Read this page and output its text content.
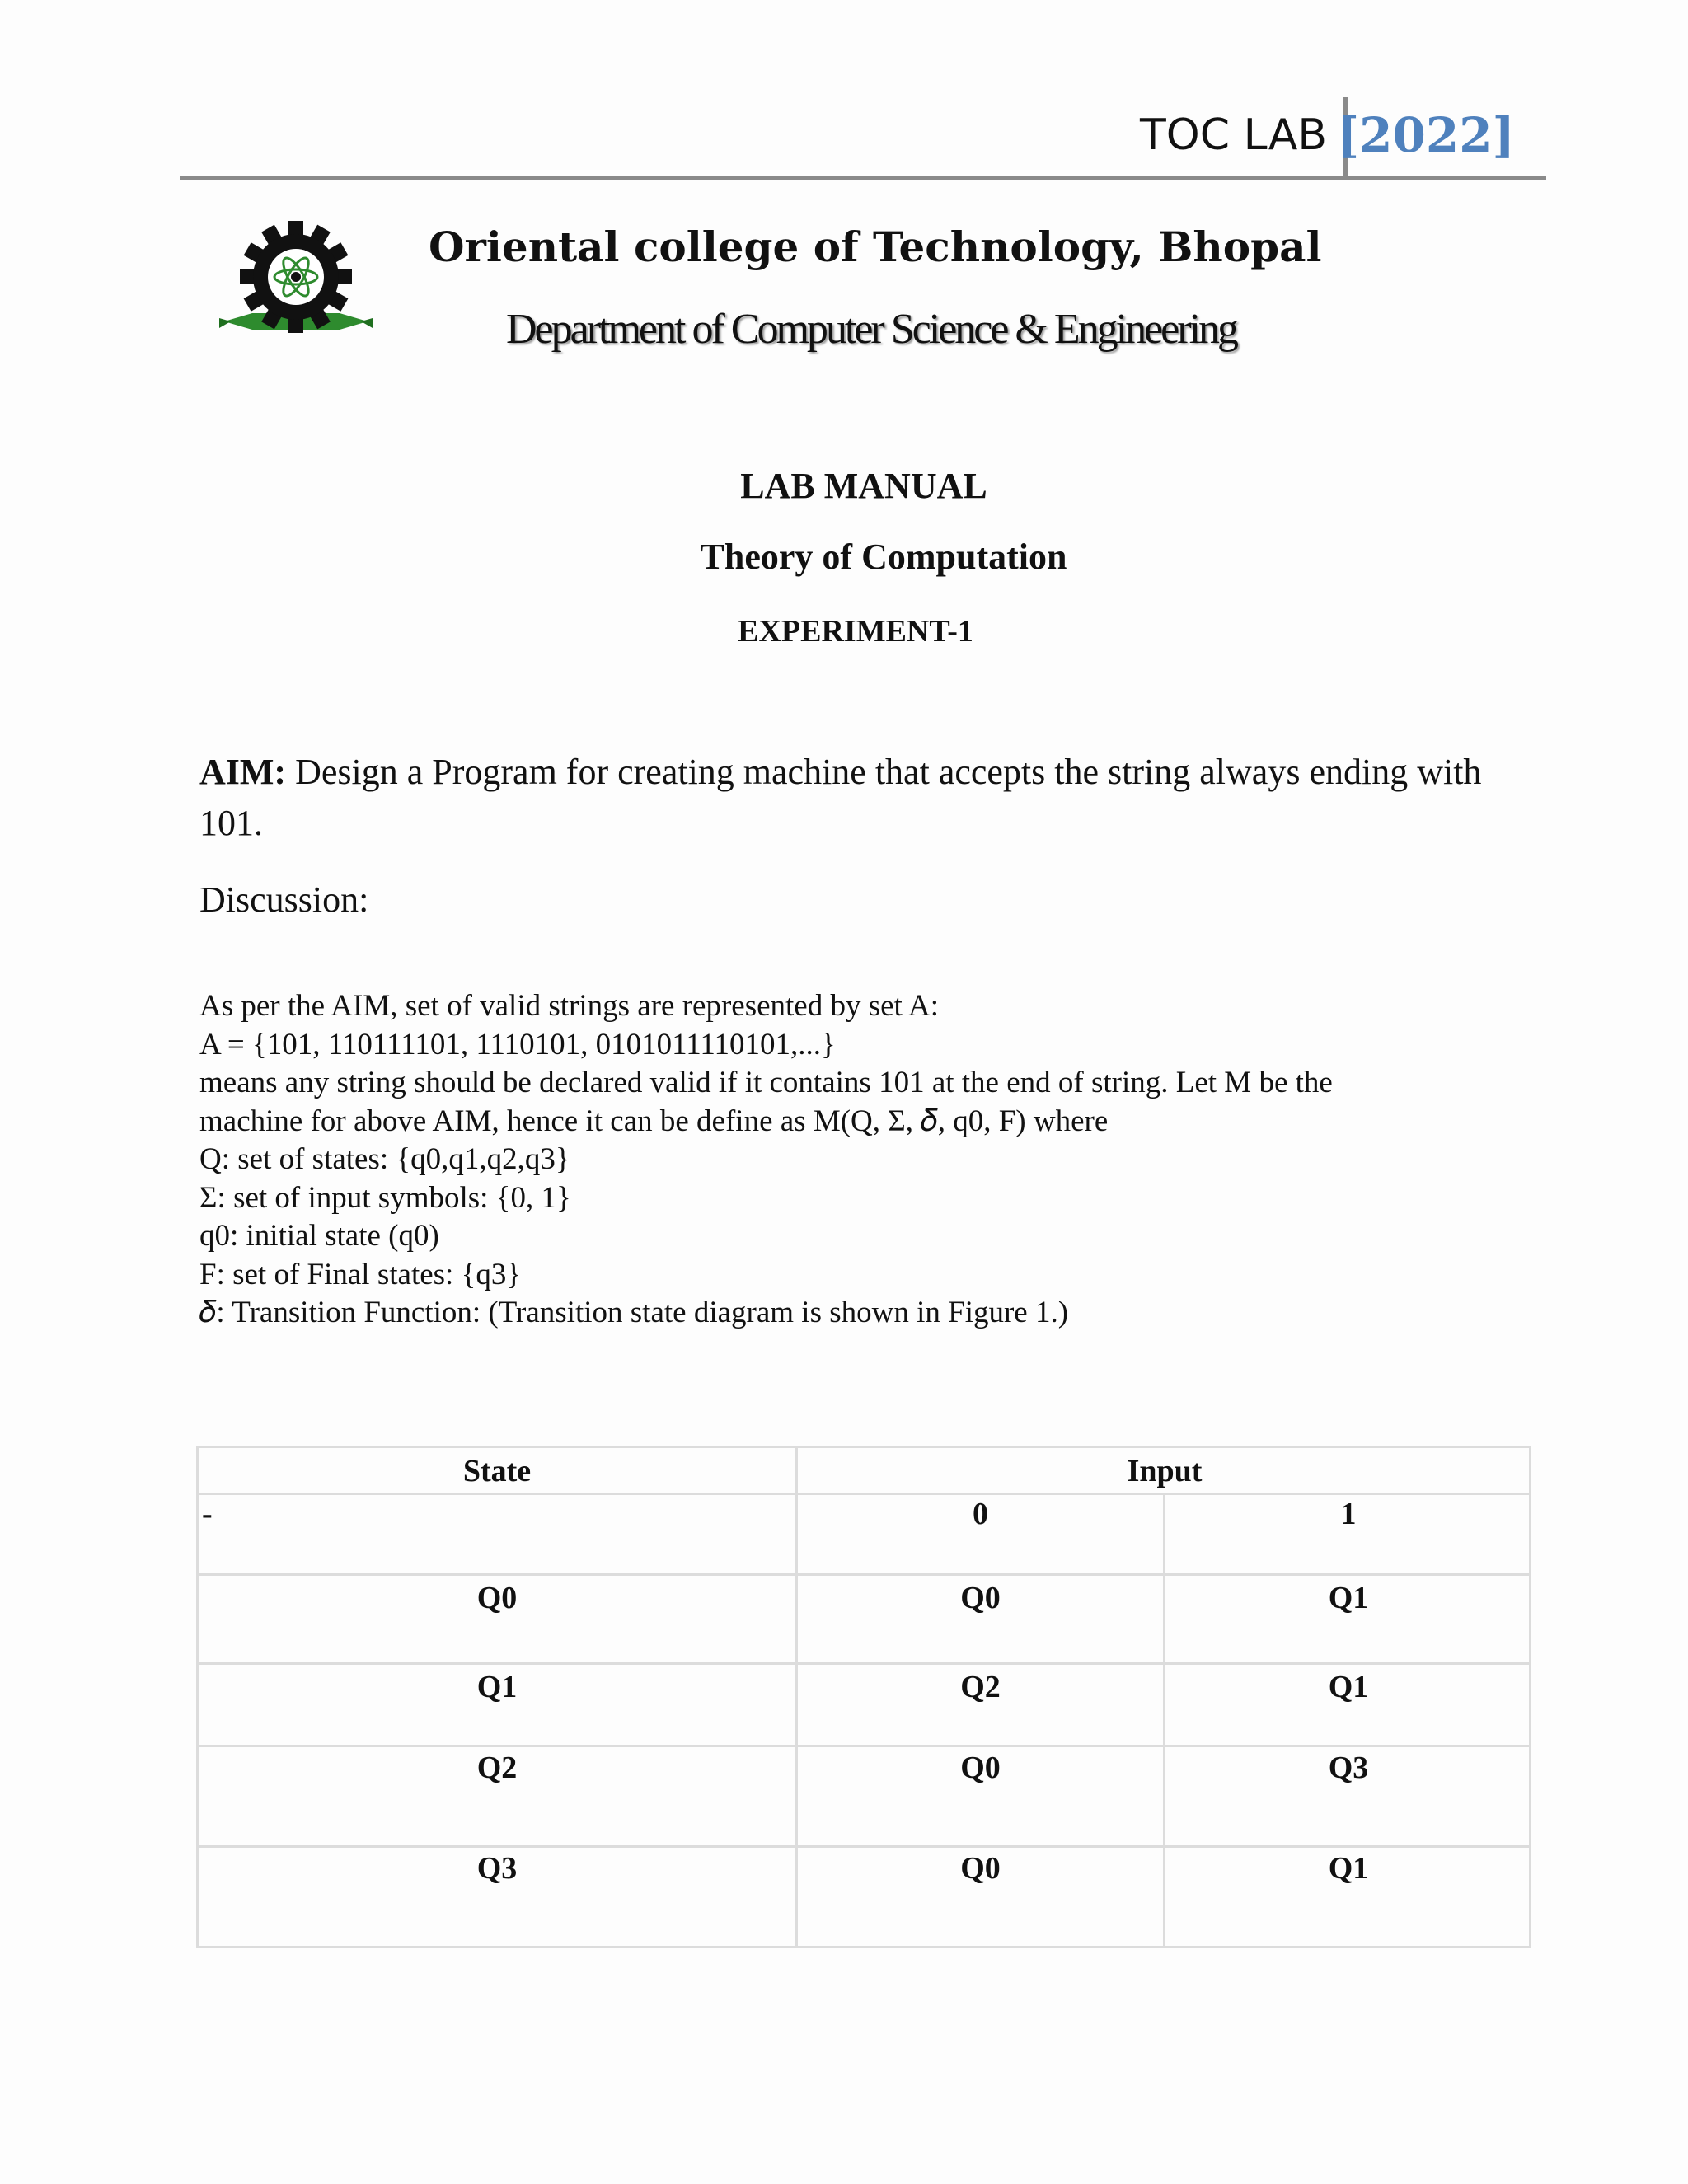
TOC LAB [2022]
Oriental college of Technology, Bhopal
Department of Computer Science & Engineering
LAB MANUAL
Theory of Computation
EXPERIMENT-1
AIM: Design a Program for creating machine that accepts the string always ending with 101.
Discussion:
As per the AIM, set of valid strings are represented by set A:
A = {101, 110111101, 1110101, 0101011110101,...}
means any string should be declared valid if it contains 101 at the end of string. Let M be the
machine for above AIM, hence it can be define as M(Q, Σ, 𝛿, q0, F) where
Q: set of states: {q0,q1,q2,q3}
Σ: set of input symbols: {0, 1}
q0: initial state (q0)
F: set of Final states: {q3}
𝛿: Transition Function: (Transition state diagram is shown in Figure 1.)
State	Input
-	0	1
Q0	Q0	Q1
Q1	Q2	Q1
Q2	Q0	Q3
Q3	Q0	Q1
